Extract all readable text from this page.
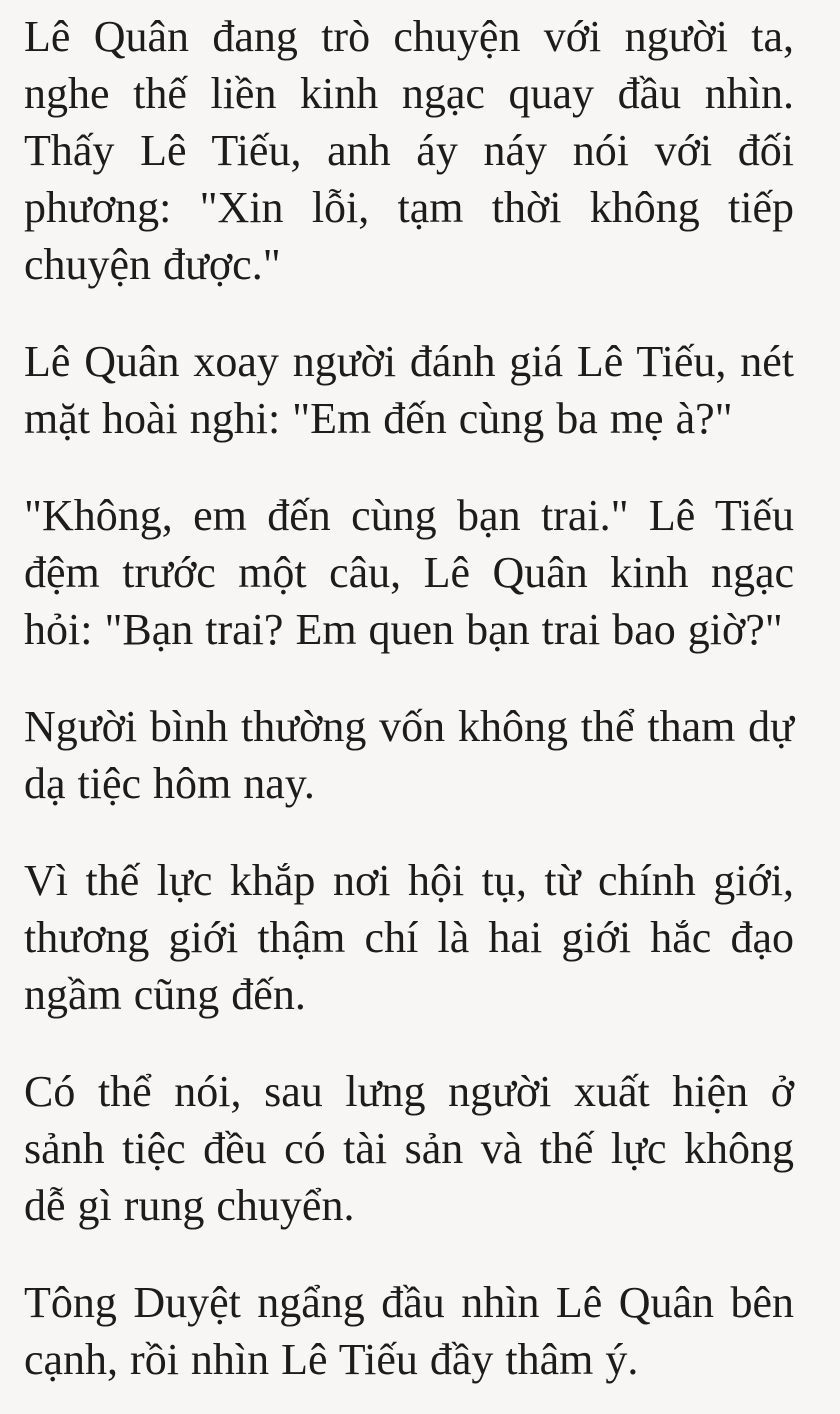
Lê Quân đang trò chuyện với người ta, nghe thế liền kinh ngạc quay đầu nhìn. Thấy Lê Tiếu, anh áy náy nói với đối phương: "Xin lỗi, tạm thời không tiếp chuyện được."

Lê Quân xoay người đánh giá Lê Tiếu, nét mặt hoài nghi: "Em đến cùng ba mẹ à?"

"Không, em đến cùng bạn trai." Lê Tiếu đệm trước một câu, Lê Quân kinh ngạc hỏi: "Bạn trai? Em quen bạn trai bao giờ?"

Người bình thường vốn không thể tham dự dạ tiệc hôm nay.

Vì thế lực khắp nơi hội tụ, từ chính giới, thương giới thậm chí là hai giới hắc đạo ngầm cũng đến.

Có thể nói, sau lưng người xuất hiện ở sảnh tiệc đều có tài sản và thế lực không dễ gì rung chuyển.

Tông Duyệt ngẩng đầu nhìn Lê Quân bên cạnh, rồi nhìn Lê Tiếu đầy thâm ý.
